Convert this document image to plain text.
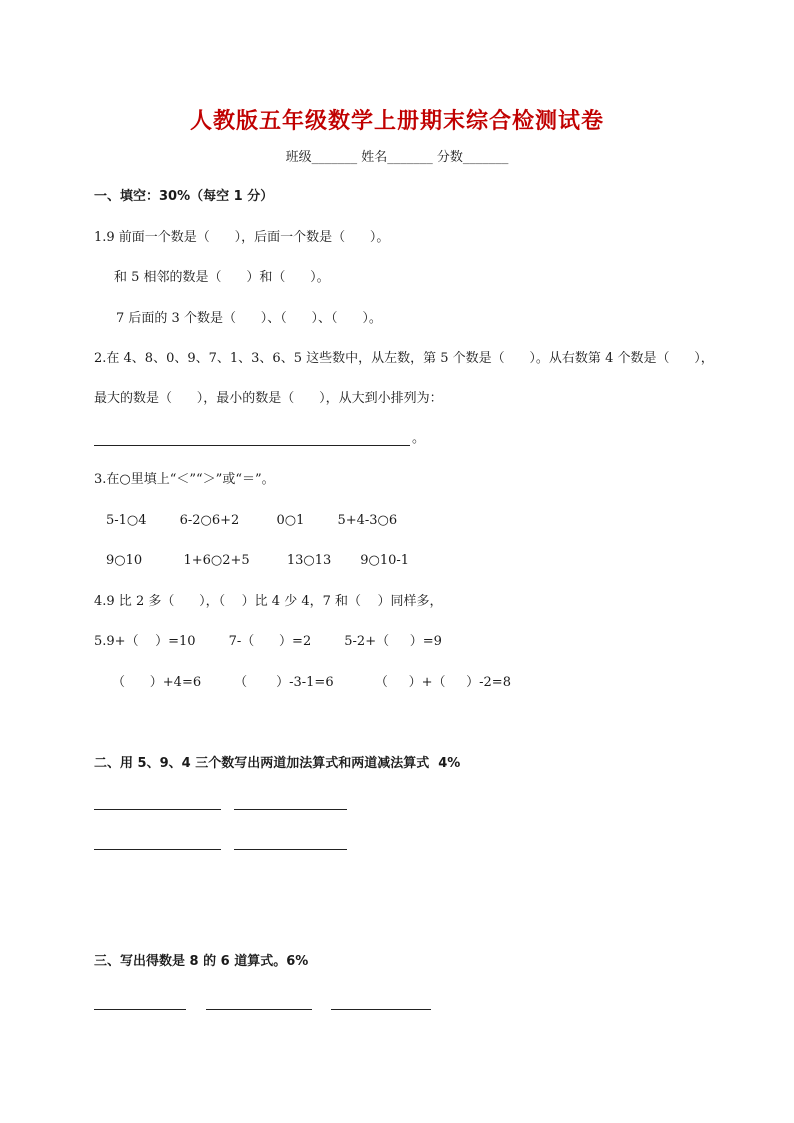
人教版五年级数学上册期末综合检测试卷
班级_______ 姓名_______ 分数_______
一、填空：30%（每空 1 分）
1.9 前面一个数是（      ），后面一个数是（      ）。
和 5 相邻的数是（      ）和（      ）。
7 后面的 3 个数是（      ）、（      ）、（      ）。
2.在 4、8、0、9、7、1、3、6、5 这些数中，从左数，第 5 个数是（      ）。从右数第 4 个数是（      ），
最大的数是（      ），最小的数是（      ），从大到小排列为：
。
3.在○里填上“＜”“＞”或“＝”。
5-1○4        6-2○6+2         0○1        5+4-3○6
9○10          1+6○2+5         13○13       9○10-1
4.9 比 2 多（      ），（    ）比 4 少 4，7 和（    ）同样多，
5.9+（    ）=10        7-（      ）=2        5-2+（     ）=9
（      ）+4=6        （       ）-3-1=6          （     ）+（     ）-2=8
二、用 5、9、4 三个数写出两道加法算式和两道减法算式  4%
三、写出得数是 8 的 6 道算式。6%
